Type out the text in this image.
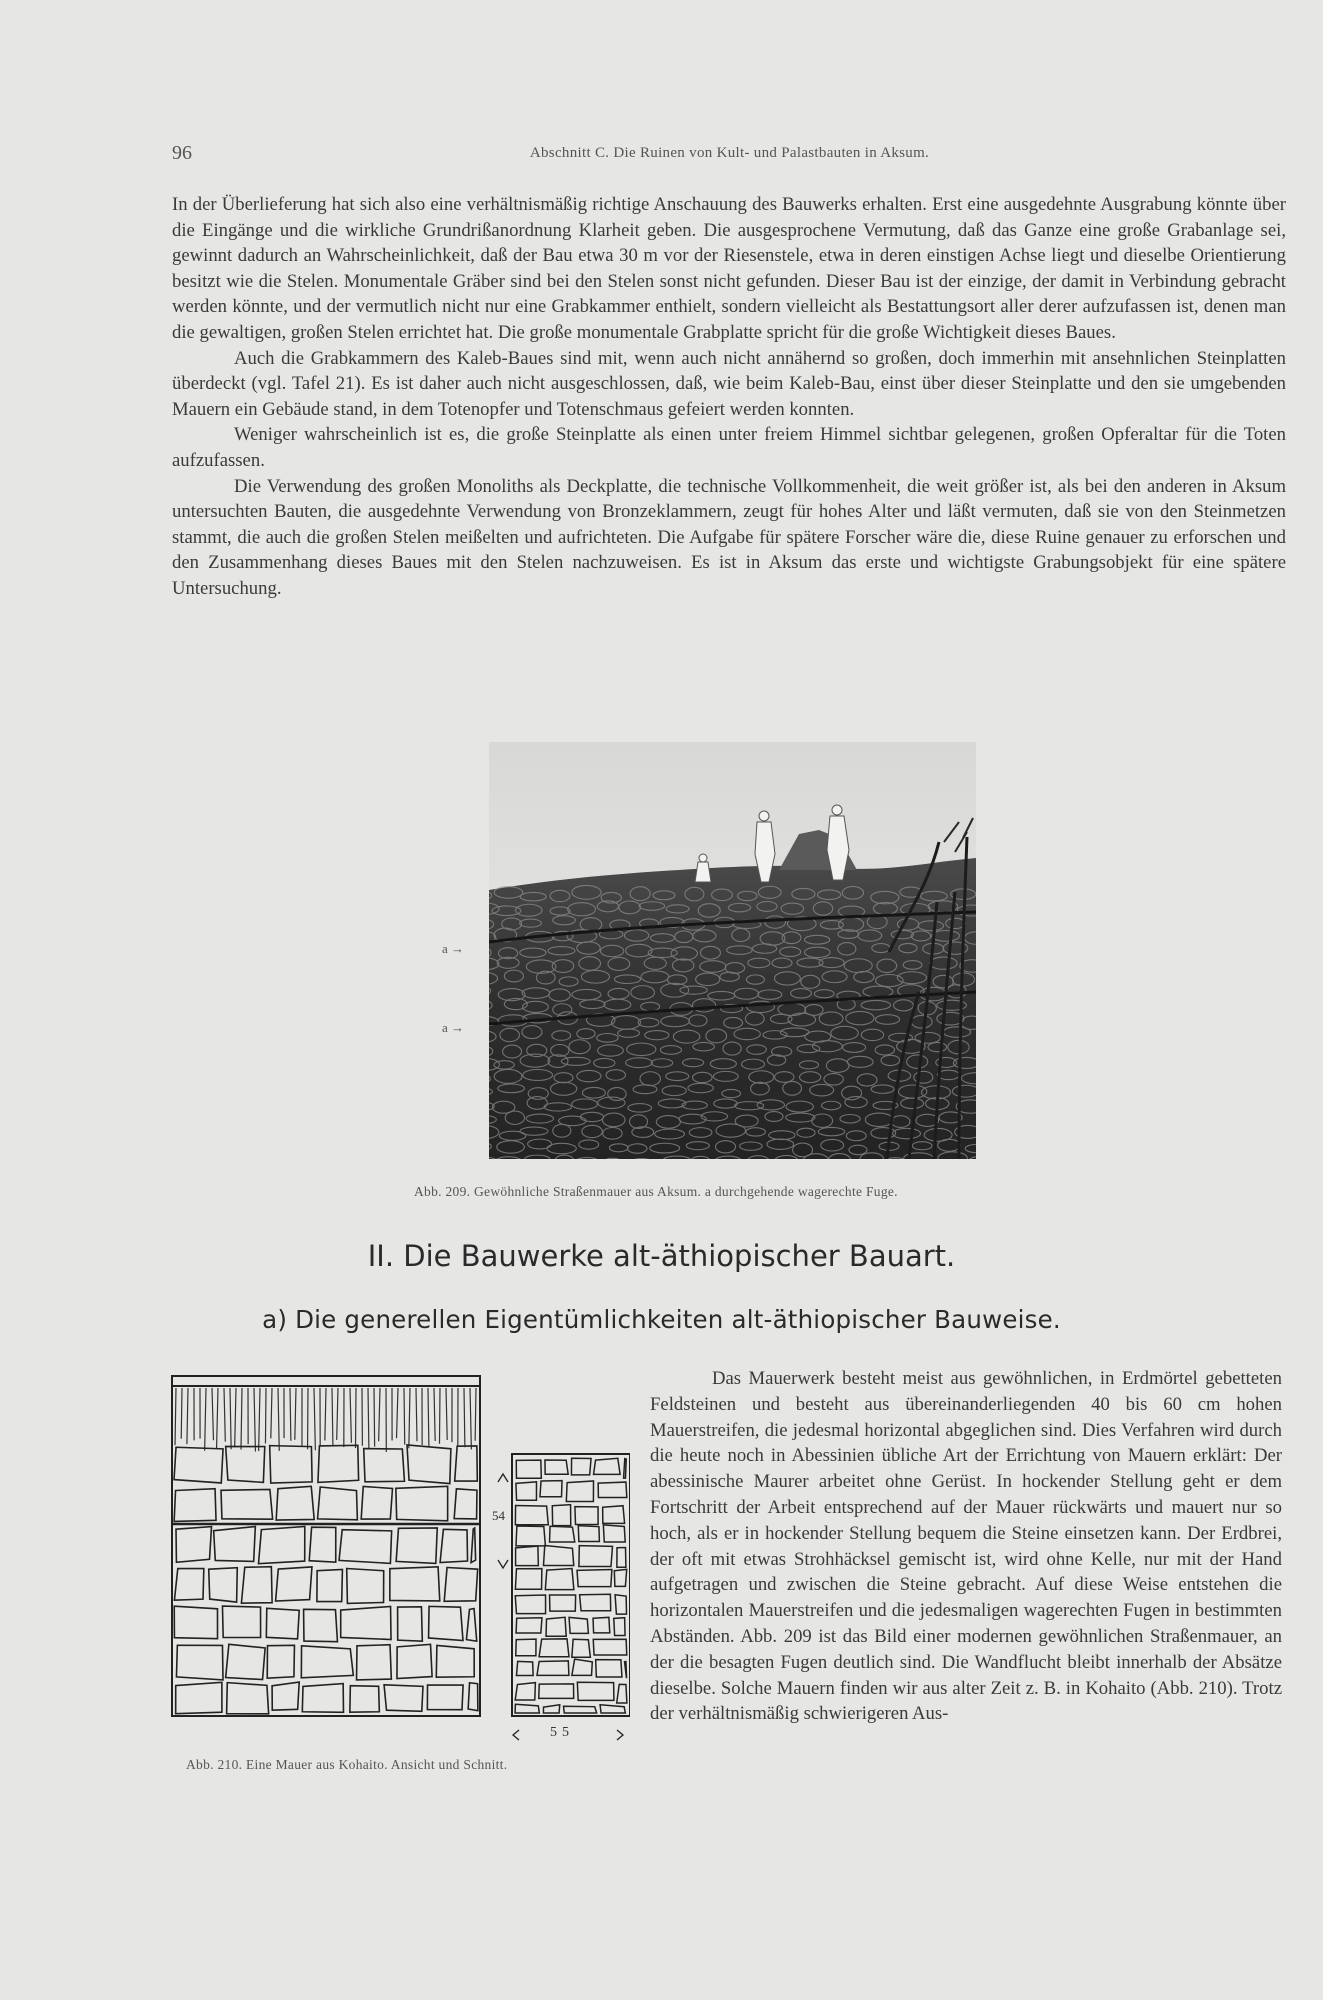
96	Abschnitt C. Die Ruinen von Kult- und Palastbauten in Aksum.

In der Überlieferung hat sich also eine verhältnismäßig richtige Anschauung des Bauwerks erhalten. Erst eine ausgedehnte Ausgrabung könnte über die Eingänge und die wirkliche Grundrißanordnung Klarheit geben. Die ausgesprochene Vermutung, daß das Ganze eine große Grabanlage sei, gewinnt dadurch an Wahrscheinlichkeit, daß der Bau etwa 30 m vor der Riesenstele, etwa in deren einstigen Achse liegt und dieselbe Orientierung besitzt wie die Stelen. Monumentale Gräber sind bei den Stelen sonst nicht gefunden. Dieser Bau ist der einzige, der damit in Verbindung gebracht werden könnte, und der vermutlich nicht nur eine Grabkammer enthielt, sondern vielleicht als Bestattungsort aller derer aufzufassen ist, denen man die gewaltigen, großen Stelen errichtet hat. Die große monumentale Grabplatte spricht für die große Wichtigkeit dieses Baues.

Auch die Grabkammern des Kaleb-Baues sind mit, wenn auch nicht annähernd so großen, doch immerhin mit ansehnlichen Steinplatten überdeckt (vgl. Tafel 21). Es ist daher auch nicht ausgeschlossen, daß, wie beim Kaleb-Bau, einst über dieser Steinplatte und den sie umgebenden Mauern ein Gebäude stand, in dem Totenopfer und Totenschmaus gefeiert werden konnten.

Weniger wahrscheinlich ist es, die große Steinplatte als einen unter freiem Himmel sichtbar gelegenen, großen Opferaltar für die Toten aufzufassen.

Die Verwendung des großen Monoliths als Deckplatte, die technische Vollkommenheit, die weit größer ist, als bei den anderen in Aksum untersuchten Bauten, die ausgedehnte Verwendung von Bronzeklammern, zeugt für hohes Alter und läßt vermuten, daß sie von den Steinmetzen stammt, die auch die großen Stelen meißelten und aufrichteten. Die Aufgabe für spätere Forscher wäre die, diese Ruine genauer zu erforschen und den Zusammenhang dieses Baues mit den Stelen nachzuweisen. Es ist in Aksum das erste und wichtigste Grabungsobjekt für eine spätere Untersuchung.

a →
a →
Abb. 209. Gewöhnliche Straßenmauer aus Aksum. a durchgehende wagerechte Fuge.
II. Die Bauwerke alt-äthiopischer Bauart.
a) Die generellen Eigentümlichkeiten alt-äthiopischer Bauweise.
54
55
Abb. 210. Eine Mauer aus Kohaito. Ansicht und Schnitt.

Das Mauerwerk besteht meist aus gewöhnlichen, in Erdmörtel gebetteten Feldsteinen und besteht aus übereinanderliegenden 40 bis 60 cm hohen Mauerstreifen, die jedesmal horizontal abgeglichen sind. Dies Verfahren wird durch die heute noch in Abessinien übliche Art der Errichtung von Mauern erklärt: Der abessinische Maurer arbeitet ohne Gerüst. In hockender Stellung geht er dem Fortschritt der Arbeit entsprechend auf der Mauer rückwärts und mauert nur so hoch, als er in hockender Stellung bequem die Steine einsetzen kann. Der Erdbrei, der oft mit etwas Strohhäcksel gemischt ist, wird ohne Kelle, nur mit der Hand aufgetragen und zwischen die Steine gebracht. Auf diese Weise entstehen die horizontalen Mauerstreifen und die jedesmaligen wagerechten Fugen in bestimmten Abständen. Abb. 209 ist das Bild einer modernen gewöhnlichen Straßenmauer, an der die besagten Fugen deutlich sind. Die Wandflucht bleibt innerhalb der Absätze dieselbe. Solche Mauern finden wir aus alter Zeit z. B. in Kohaito (Abb. 210). Trotz der verhältnismäßig schwierigeren Aus-
